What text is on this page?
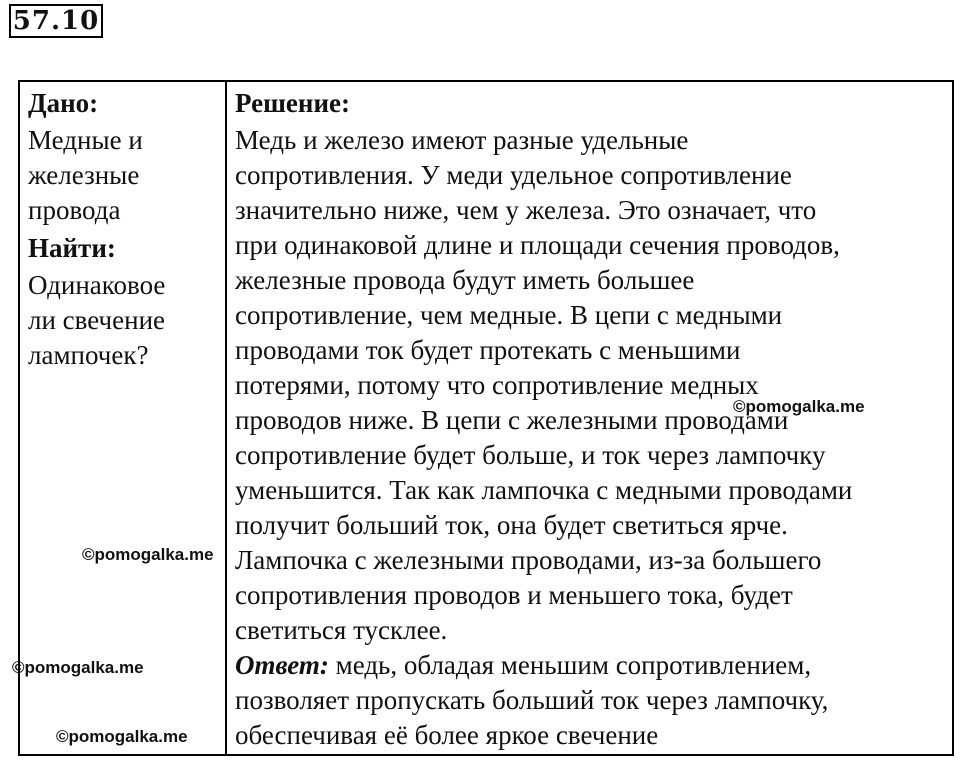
57.10
Дано:
Медные и
железные
провода
Найти:
Одинаковое
ли свечение
лампочек?
Решение:
Медь и железо имеют разные удельные
сопротивления. У меди удельное сопротивление
значительно ниже, чем у железа. Это означает, что
при одинаковой длине и площади сечения проводов,
железные провода будут иметь большее
сопротивление, чем медные. В цепи с медными
проводами ток будет протекать с меньшими
потерями, потому что сопротивление медных
проводов ниже. В цепи с железными проводами
сопротивление будет больше, и ток через лампочку
уменьшится. Так как лампочка с медными проводами
получит больший ток, она будет светиться ярче.
Лампочка с железными проводами, из-за большего
сопротивления проводов и меньшего тока, будет
светиться тусклее.
Ответ: медь, обладая меньшим сопротивлением,
позволяет пропускать больший ток через лампочку,
обеспечивая её более яркое свечение
©pomogalka.me
©pomogalka.me
©pomogalka.me
©pomogalka.me
